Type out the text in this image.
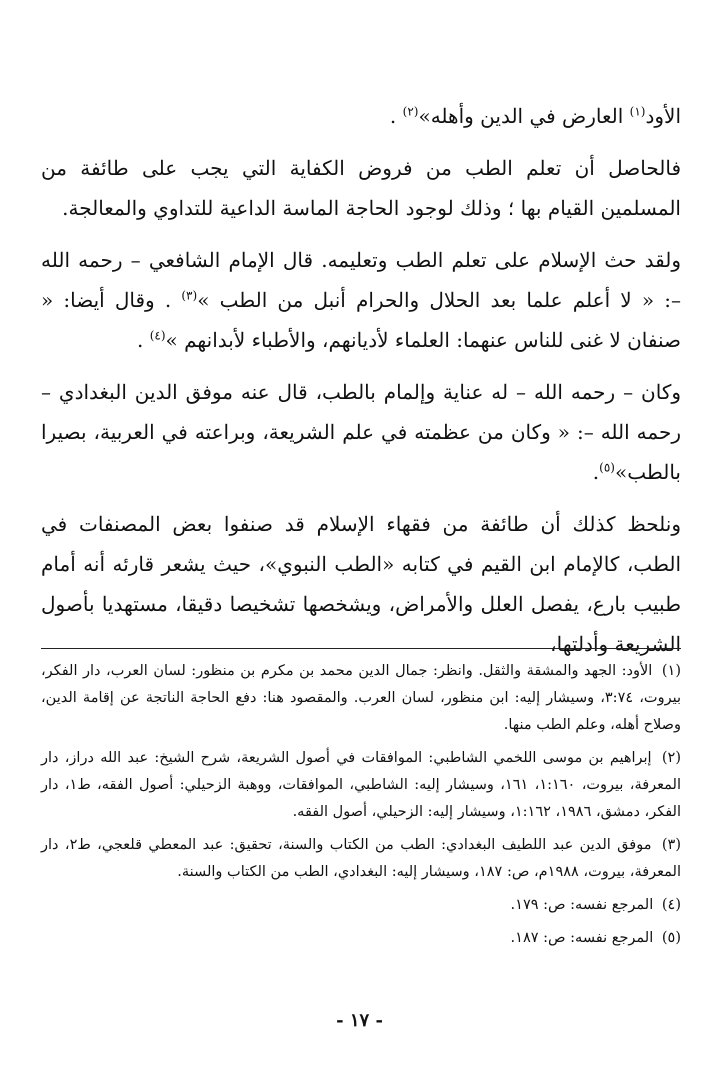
الأود$^{(١)}$ العارض في الدين وأهله»$^{(٢)}$ .

فالحاصل أن تعلم الطب من فروض الكفاية التي يجب على طائفة من المسلمين القيام بها ؛ وذلك لوجود الحاجة الماسة الداعية للتداوي والمعالجة.

ولقد حث الإسلام على تعلم الطب وتعليمه. قال الإمام الشافعي – رحمه الله –: « لا أعلم علما بعد الحلال والحرام أنبل من الطب »$^{(٣)}$ . وقال أيضا: « صنفان لا غنى للناس عنهما: العلماء لأديانهم، والأطباء لأبدانهم »$^{(٤)}$ .

وكان – رحمه الله – له عناية وإلمام بالطب، قال عنه موفق الدين البغدادي – رحمه الله –: « وكان من عظمته في علم الشريعة، وبراعته في العربية، بصيرا بالطب»$^{(٥)}$.

ونلحظ كذلك أن طائفة من فقهاء الإسلام قد صنفوا بعض المصنفات في الطب، كالإمام ابن القيم في كتابه «الطب النبوي»، حيث يشعر قارئه أنه أمام طبيب بارع، يفصل العلل والأمراض، ويشخصها تشخيصا دقيقا، مستهديا بأصول الشريعة وأدلتها،

(١) الأود: الجهد والمشقة والثقل. وانظر: جمال الدين محمد بن مكرم بن منظور: لسان العرب، دار الفكر، بيروت، ٣:٧٤، وسيشار إليه: ابن منظور، لسان العرب. والمقصود هنا: دفع الحاجة الناتجة عن إقامة الدين، وصلاح أهله، وعلم الطب منها.
(٢) إبراهيم بن موسى اللخمي الشاطبي: الموافقات في أصول الشريعة، شرح الشيخ: عبد الله دراز، دار المعرفة، بيروت، ١:١٦٠، ١٦١، وسيشار إليه: الشاطبي، الموافقات، ووهبة الزحيلي: أصول الفقه، ط١، دار الفكر، دمشق، ١٩٨٦، ١:١٦٢، وسيشار إليه: الزحيلي، أصول الفقه.
(٣) موفق الدين عبد اللطيف البغدادي: الطب من الكتاب والسنة، تحقيق: عبد المعطي قلعجي، ط٢، دار المعرفة، بيروت، ١٩٨٨م، ص: ١٨٧، وسيشار إليه: البغدادي، الطب من الكتاب والسنة.
(٤) المرجع نفسه: ص: ١٧٩.
(٥) المرجع نفسه: ص: ١٨٧.
- ١٧ -
